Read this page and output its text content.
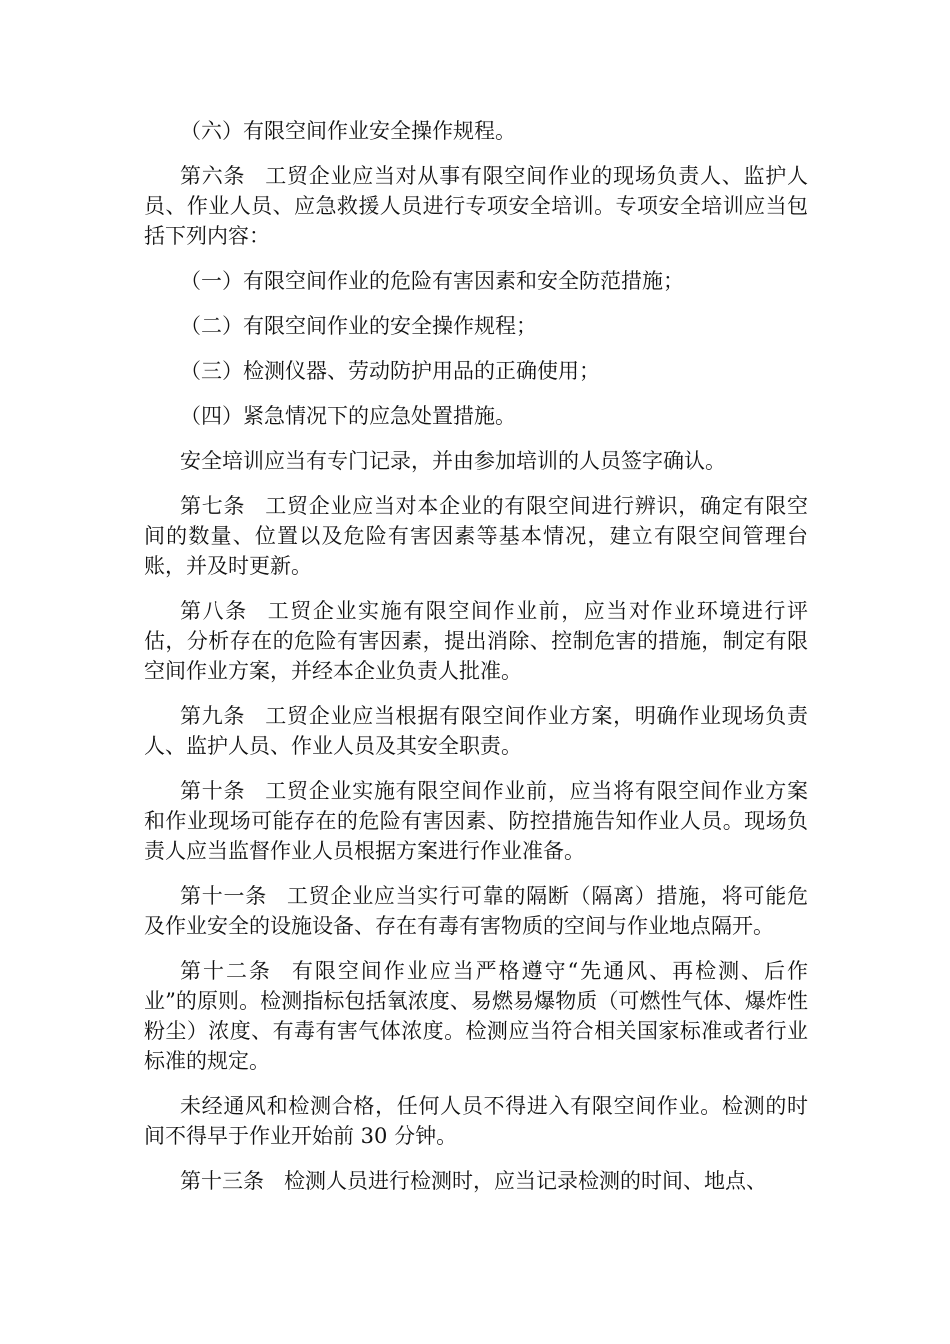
（六）有限空间作业安全操作规程。

第六条 工贸企业应当对从事有限空间作业的现场负责人、监护人员、作业人员、应急救援人员进行专项安全培训。专项安全培训应当包括下列内容：

（一）有限空间作业的危险有害因素和安全防范措施；

（二）有限空间作业的安全操作规程；

（三）检测仪器、劳动防护用品的正确使用；

（四）紧急情况下的应急处置措施。

安全培训应当有专门记录，并由参加培训的人员签字确认。

第七条 工贸企业应当对本企业的有限空间进行辨识，确定有限空间的数量、位置以及危险有害因素等基本情况，建立有限空间管理台账，并及时更新。

第八条 工贸企业实施有限空间作业前，应当对作业环境进行评估，分析存在的危险有害因素，提出消除、控制危害的措施，制定有限空间作业方案，并经本企业负责人批准。

第九条 工贸企业应当根据有限空间作业方案，明确作业现场负责人、监护人员、作业人员及其安全职责。

第十条 工贸企业实施有限空间作业前，应当将有限空间作业方案和作业现场可能存在的危险有害因素、防控措施告知作业人员。现场负责人应当监督作业人员根据方案进行作业准备。

第十一条 工贸企业应当实行可靠的隔断（隔离）措施，将可能危及作业安全的设施设备、存在有毒有害物质的空间与作业地点隔开。

第十二条 有限空间作业应当严格遵守“先通风、再检测、后作业”的原则。检测指标包括氧浓度、易燃易爆物质（可燃性气体、爆炸性粉尘）浓度、有毒有害气体浓度。检测应当符合相关国家标准或者行业标准的规定。

未经通风和检测合格，任何人员不得进入有限空间作业。检测的时间不得早于作业开始前 30 分钟。

第十三条 检测人员进行检测时，应当记录检测的时间、地点、
